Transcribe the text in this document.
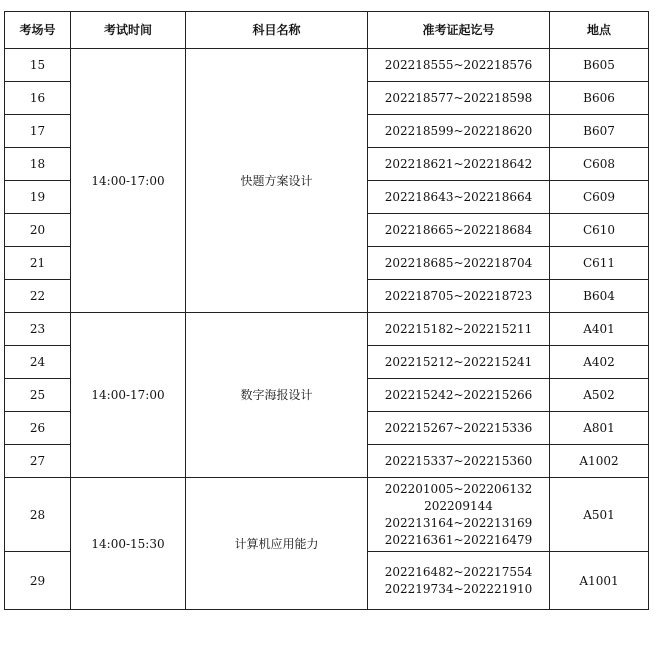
考场号	考试时间	科目名称	准考证起讫号	地点
15	14:00-17:00	快题方案设计	202218555~202218576	B605
16			202218577~202218598	B606
17			202218599~202218620	B607
18			202218621~202218642	C608
19			202218643~202218664	C609
20			202218665~202218684	C610
21			202218685~202218704	C611
22			202218705~202218723	B604
23	14:00-17:00	数字海报设计	202215182~202215211	A401
24			202215212~202215241	A402
25			202215242~202215266	A502
26			202215267~202215336	A801
27			202215337~202215360	A1002
28	14:00-15:30	计算机应用能力	202201005~202206132
202209144
202213164~202213169
202216361~202216479	A501
29			202216482~202217554
202219734~202221910	A1001
